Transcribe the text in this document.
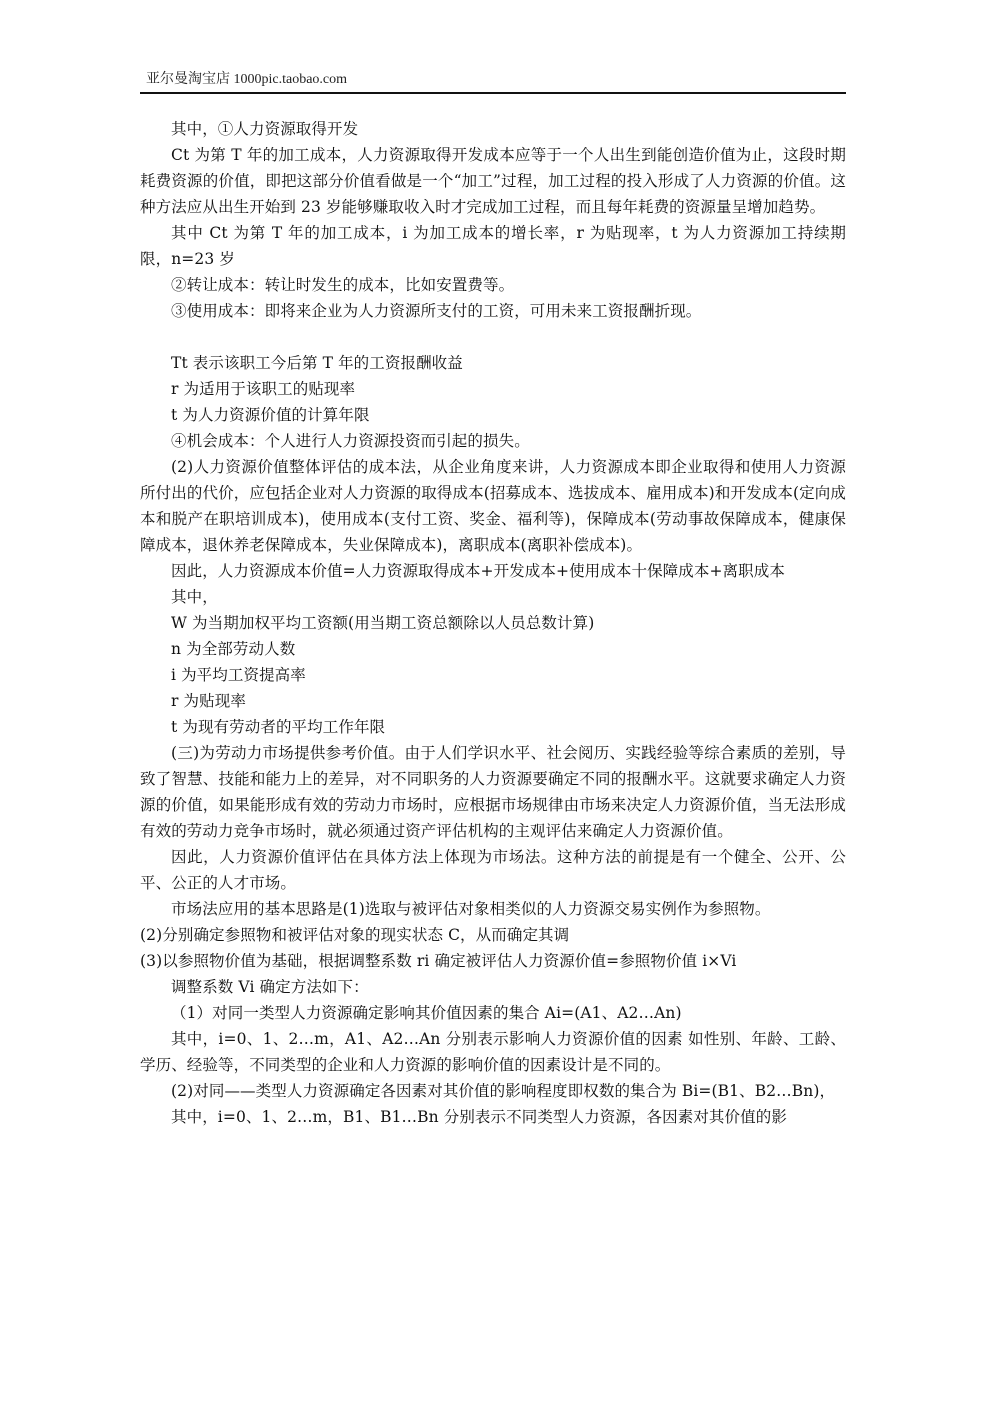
亚尔曼淘宝店 1000pic.taobao.com

其中，①人力资源取得开发

Ct 为第 T 年的加工成本，人力资源取得开发成本应等于一个人出生到能创造价值为止，这段时期耗费资源的价值，即把这部分价值看做是一个“加工”过程，加工过程的投入形成了人力资源的价值。这种方法应从出生开始到 23 岁能够赚取收入时才完成加工过程，而且每年耗费的资源量呈增加趋势。

其中 Ct 为第 T 年的加工成本，i 为加工成本的增长率，r 为贴现率，t 为人力资源加工持续期限，n=23 岁

②转让成本：转让时发生的成本，比如安置费等。

③使用成本：即将来企业为人力资源所支付的工资，可用未来工资报酬折现。

Tt 表示该职工今后第 T 年的工资报酬收益

r 为适用于该职工的贴现率

t 为人力资源价值的计算年限

④机会成本：个人进行人力资源投资而引起的损失。

(2)人力资源价值整体评估的成本法，从企业角度来讲，人力资源成本即企业取得和使用人力资源所付出的代价，应包括企业对人力资源的取得成本(招募成本、选拔成本、雇用成本)和开发成本(定向成本和脱产在职培训成本)，使用成本(支付工资、奖金、福利等)，保障成本(劳动事故保障成本，健康保障成本，退休养老保障成本，失业保障成本)，离职成本(离职补偿成本)。

因此，人力资源成本价值=人力资源取得成本+开发成本+使用成本十保障成本+离职成本

其中，

W 为当期加权平均工资额(用当期工资总额除以人员总数计算)

n 为全部劳动人数

i 为平均工资提高率

r 为贴现率

t 为现有劳动者的平均工作年限

(三)为劳动力市场提供参考价值。由于人们学识水平、社会阅历、实践经验等综合素质的差别，导致了智慧、技能和能力上的差异，对不同职务的人力资源要确定不同的报酬水平。这就要求确定人力资源的价值，如果能形成有效的劳动力市场时，应根据市场规律由市场来决定人力资源价值，当无法形成有效的劳动力竞争市场时，就必须通过资产评估机构的主观评估来确定人力资源价值。

因此，人力资源价值评估在具体方法上体现为市场法。这种方法的前提是有一个健全、公开、公平、公正的人才市场。

市场法应用的基本思路是(1)选取与被评估对象相类似的人力资源交易实例作为参照物。

(2)分别确定参照物和被评估对象的现实状态 C，从而确定其调

(3)以参照物价值为基础，根据调整系数 ri 确定被评估人力资源价值=参照物价值 i×Vi

调整系数 Vi 确定方法如下：

（1）对同一类型人力资源确定影响其价值因素的集合 Ai=(A1、A2…An)

其中，i=0、1、2…m，A1、A2…An 分别表示影响人力资源价值的因素 如性别、年龄、工龄、学历、经验等，不同类型的企业和人力资源的影响价值的因素设计是不同的。

(2)对同——类型人力资源确定各因素对其价值的影响程度即权数的集合为 Bi=(B1、B2…Bn)，

其中，i=0、1、2…m，B1、B1…Bn 分别表示不同类型人力资源，各因素对其价值的影
